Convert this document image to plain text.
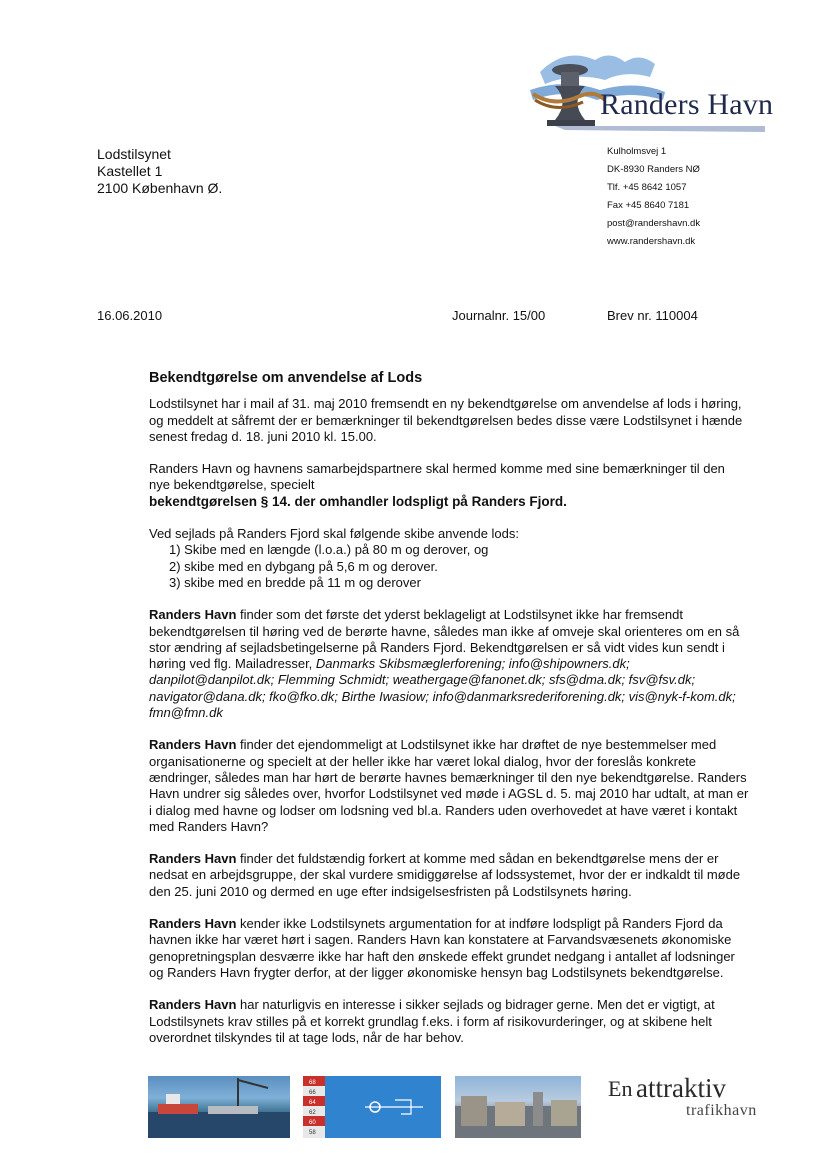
Randers Havn
Lodstilsynet
Kastellet 1
2100 København Ø.
Kulholmsvej 1
DK-8930 Randers NØ
Tlf. +45 8642 1057
Fax +45 8640 7181
post@randershavn.dk
www.randershavn.dk
16.06.2010	Journalnr. 15/00	Brev nr. 110004
Bekendtgørelse om anvendelse af Lods

Lodstilsynet har i mail af 31. maj 2010 fremsendt en ny bekendtgørelse om anvendelse af lods i høring, og meddelt at såfremt der er bemærkninger til bekendtgørelsen bedes disse være Lodstilsynet i hænde senest fredag d. 18. juni 2010 kl. 15.00.

Randers Havn og havnens samarbejdspartnere skal hermed komme med sine bemærkninger til den nye bekendtgørelse, specielt
bekendtgørelsen § 14. der omhandler lodspligt på Randers Fjord.

Ved sejlads på Randers Fjord skal følgende skibe anvende lods:

1) Skibe med en længde (l.o.a.) på 80 m og derover, og
2) skibe med en dybgang på 5,6 m og derover.
3) skibe med en bredde på 11 m og derover

Randers Havn finder som det første det yderst beklageligt at Lodstilsynet ikke har fremsendt bekendtgørelsen til høring ved de berørte havne, således man ikke af omveje skal orienteres om en så stor ændring af sejladsbetingelserne på Randers Fjord. Bekendtgørelsen er så vidt vides kun sendt i høring ved flg. Mailadresser, Danmarks Skibsmæglerforening; info@shipowners.dk; danpilot@danpilot.dk; Flemming Schmidt; weathergage@fanonet.dk; sfs@dma.dk; fsv@fsv.dk; navigator@dana.dk; fko@fko.dk; Birthe Iwasiow; info@danmarksrederiforening.dk; vis@nyk-f-kom.dk; fmn@fmn.dk

Randers Havn finder det ejendommeligt at Lodstilsynet ikke har drøftet de nye bestemmelser med organisationerne og specielt at der heller ikke har været lokal dialog, hvor der foreslås konkrete ændringer, således man har hørt de berørte havnes bemærkninger til den nye bekendtgørelse. Randers Havn undrer sig således over, hvorfor Lodstilsynet ved møde i AGSL d. 5. maj 2010 har udtalt, at man er i dialog med havne og lodser om lodsning ved bl.a. Randers uden overhovedet at have været i kontakt med Randers Havn?

Randers Havn finder det fuldstændig forkert at komme med sådan en bekendtgørelse mens der er nedsat en arbejdsgruppe, der skal vurdere smidiggørelse af lodssystemet, hvor der er indkaldt til møde den 25. juni 2010 og dermed en uge efter indsigelsesfristen på Lodstilsynets høring.

Randers Havn kender ikke Lodstilsynets argumentation for at indføre lodspligt på Randers Fjord da havnen ikke har været hørt i sagen. Randers Havn kan konstatere at Farvandsvæsenets økonomiske genopretningsplan desværre ikke har haft den ønskede effekt grundet nedgang i antallet af lodsninger og Randers Havn frygter derfor, at der ligger økonomiske hensyn bag Lodstilsynets bekendtgørelse.

Randers Havn har naturligvis en interesse i sikker sejlads og bidrager gerne. Men det er vigtigt, at Lodstilsynets krav stilles på et korrekt grundlag f.eks. i form af risikovurderinger, og at skibene helt overordnet tilskyndes til at tage lods, når de har behov.

68
66
64
62
60
58
En attraktiv
trafikhavn
